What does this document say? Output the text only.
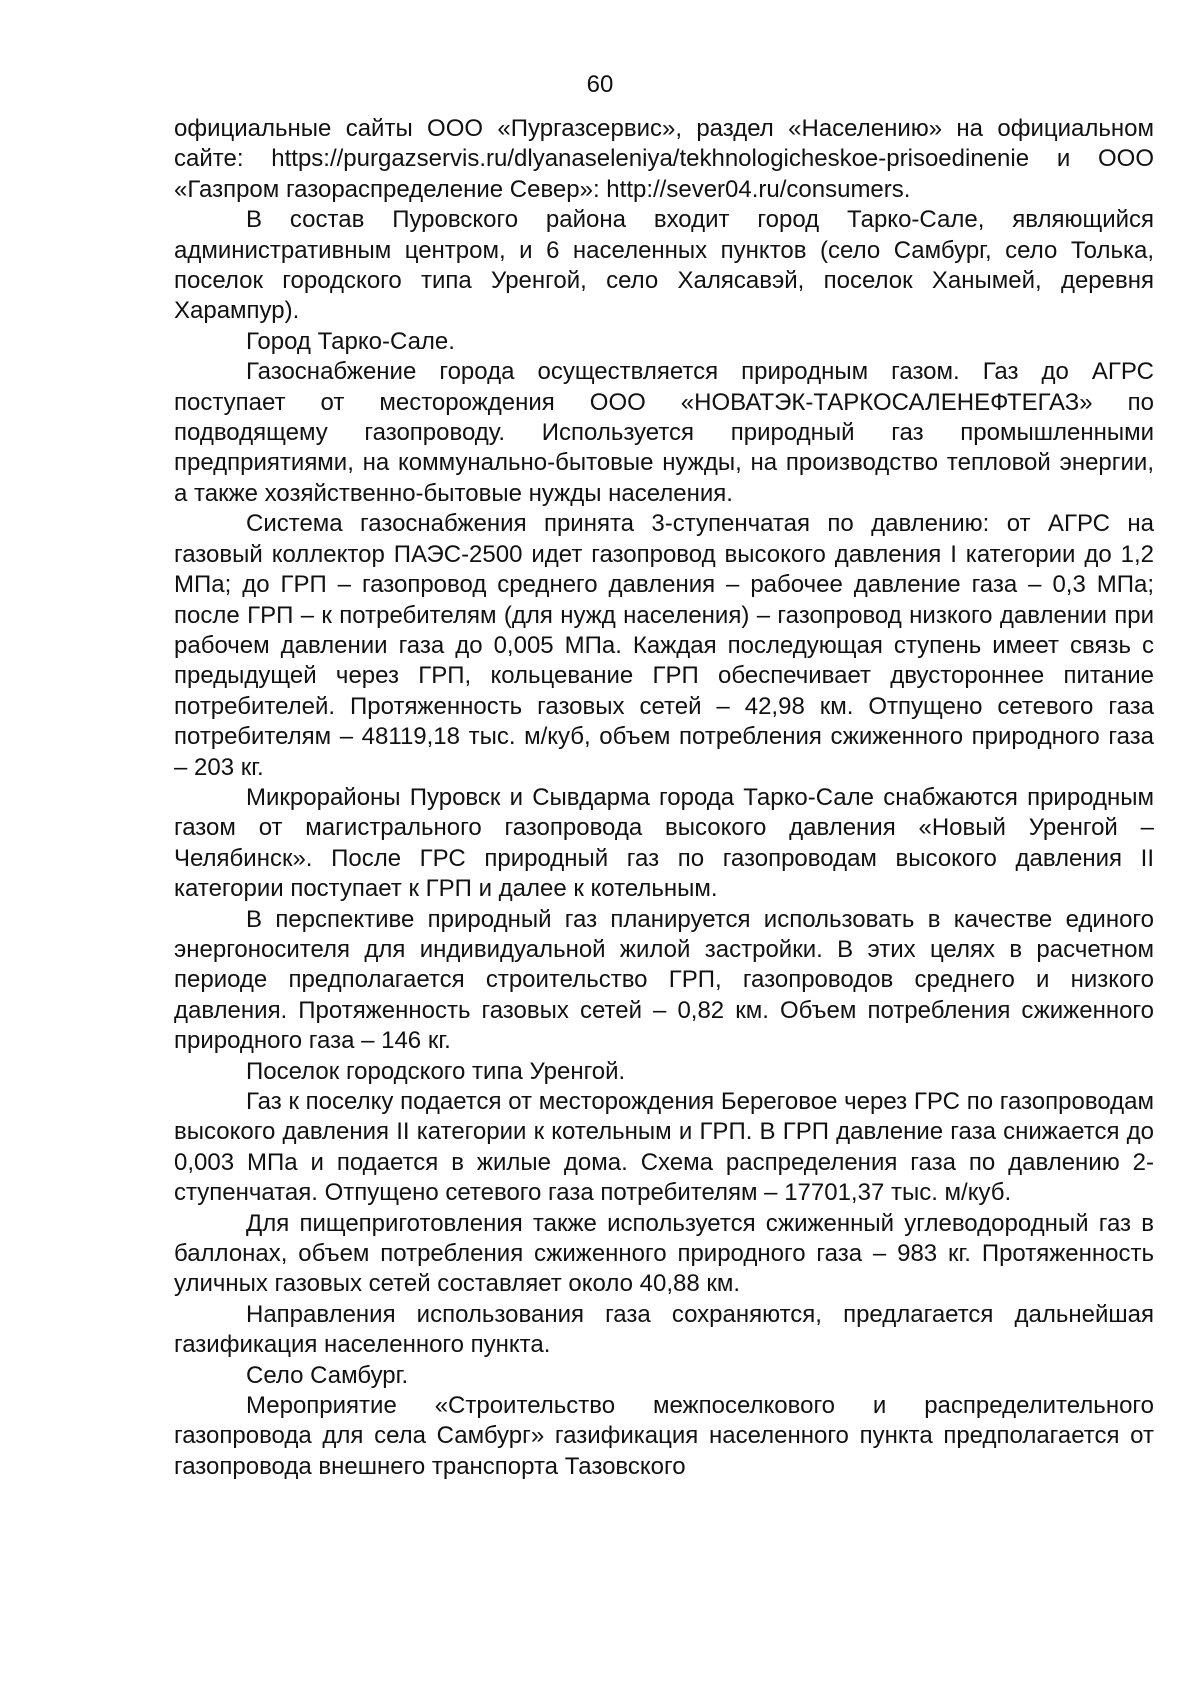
60

официальные сайты ООО «Пургазсервис», раздел «Населению» на официальном сайте: https://purgazservis.ru/dlyanaseleniya/tekhnologicheskoe-prisoedinenie и ООО «Газпром газораспределение Север»: http://sever04.ru/consumers.

В состав Пуровского района входит город Тарко-Сале, являющийся административным центром, и 6 населенных пунктов (село Самбург, село Толька, поселок городского типа Уренгой, село Халясавэй, поселок Ханымей, деревня Харампур).

Город Тарко-Сале.

Газоснабжение города осуществляется природным газом. Газ до АГРС поступает от месторождения ООО «НОВАТЭК-ТАРКОСАЛЕНЕФТЕГАЗ» по подводящему газопроводу. Используется природный газ промышленными предприятиями, на коммунально-бытовые нужды, на производство тепловой энергии, а также хозяйственно-бытовые нужды населения.

Система газоснабжения принята 3-ступенчатая по давлению: от АГРС на газовый коллектор ПАЭС-2500 идет газопровод высокого давления I категории до 1,2 МПа; до ГРП – газопровод среднего давления – рабочее давление газа – 0,3 МПа; после ГРП – к потребителям (для нужд населения) – газопровод низкого давлении при рабочем давлении газа до 0,005 МПа. Каждая последующая ступень имеет связь с предыдущей через ГРП, кольцевание ГРП обеспечивает двустороннее питание потребителей. Протяженность газовых сетей – 42,98 км. Отпущено сетевого газа потребителям – 48119,18 тыс. м/куб, объем потребления сжиженного природного газа – 203 кг.

Микрорайоны Пуровск и Сывдарма города Тарко-Сале снабжаются природным газом от магистрального газопровода высокого давления «Новый Уренгой – Челябинск». После ГРС природный газ по газопроводам высокого давления II категории поступает к ГРП и далее к котельным.

В перспективе природный газ планируется использовать в качестве единого энергоносителя для индивидуальной жилой застройки. В этих целях в расчетном периоде предполагается строительство ГРП, газопроводов среднего и низкого давления. Протяженность газовых сетей – 0,82 км. Объем потребления сжиженного природного газа – 146 кг.

Поселок городского типа Уренгой.

Газ к поселку подается от месторождения Береговое через ГРС по газопроводам высокого давления II категории к котельным и ГРП. В ГРП давление газа снижается до 0,003 МПа и подается в жилые дома. Схема распределения газа по давлению 2-ступенчатая. Отпущено сетевого газа потребителям – 17701,37 тыс. м/куб.

Для пищеприготовления также используется сжиженный углеводородный газ в баллонах, объем потребления сжиженного природного газа – 983 кг. Протяженность уличных газовых сетей составляет около 40,88 км.

Направления использования газа сохраняются, предлагается дальнейшая газификация населенного пункта.

Село Самбург.

Мероприятие «Строительство межпоселкового и распределительного газопровода для села Самбург» газификация населенного пункта предполагается от газопровода внешнего транспорта Тазовского
